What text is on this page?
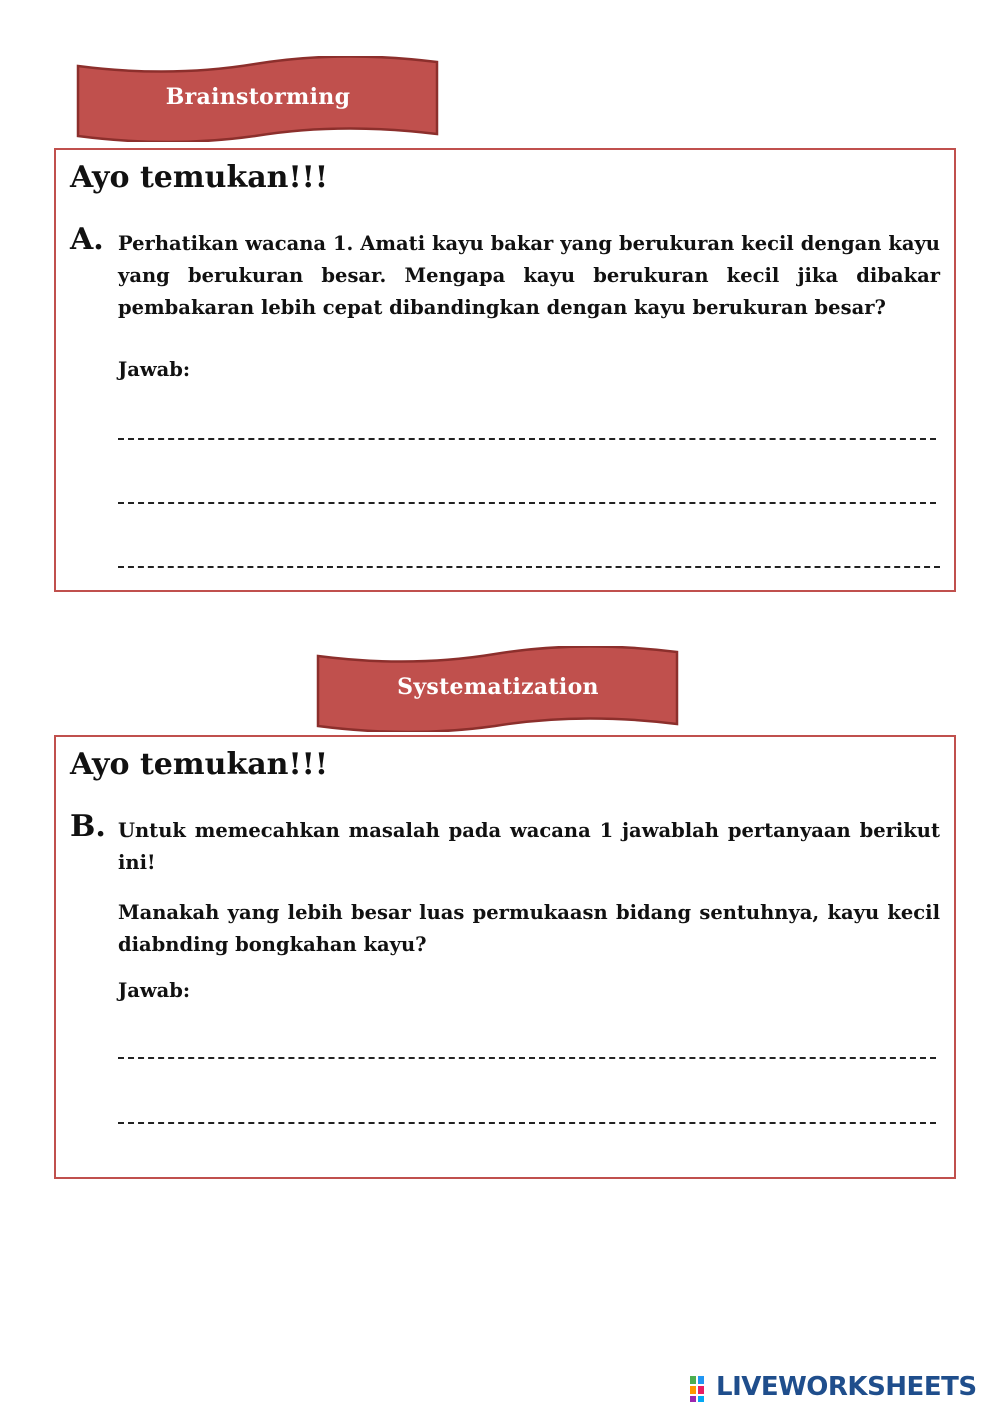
Brainstorming
Ayo temukan!!!
A. Perhatikan wacana 1. Amati kayu bakar yang berukuran kecil dengan kayu yang berukuran besar. Mengapa kayu berukuran kecil jika dibakar pembakaran lebih cepat dibandingkan dengan kayu berukuran besar?

Jawab:
Systematization
Ayo temukan!!!
B. Untuk memecahkan masalah pada wacana 1 jawablah pertanyaan berikut ini!

Manakah yang lebih besar luas permukaasn bidang sentuhnya, kayu kecil diabnding bongkahan kayu?

Jawab:
LIVEWORKSHEETS
